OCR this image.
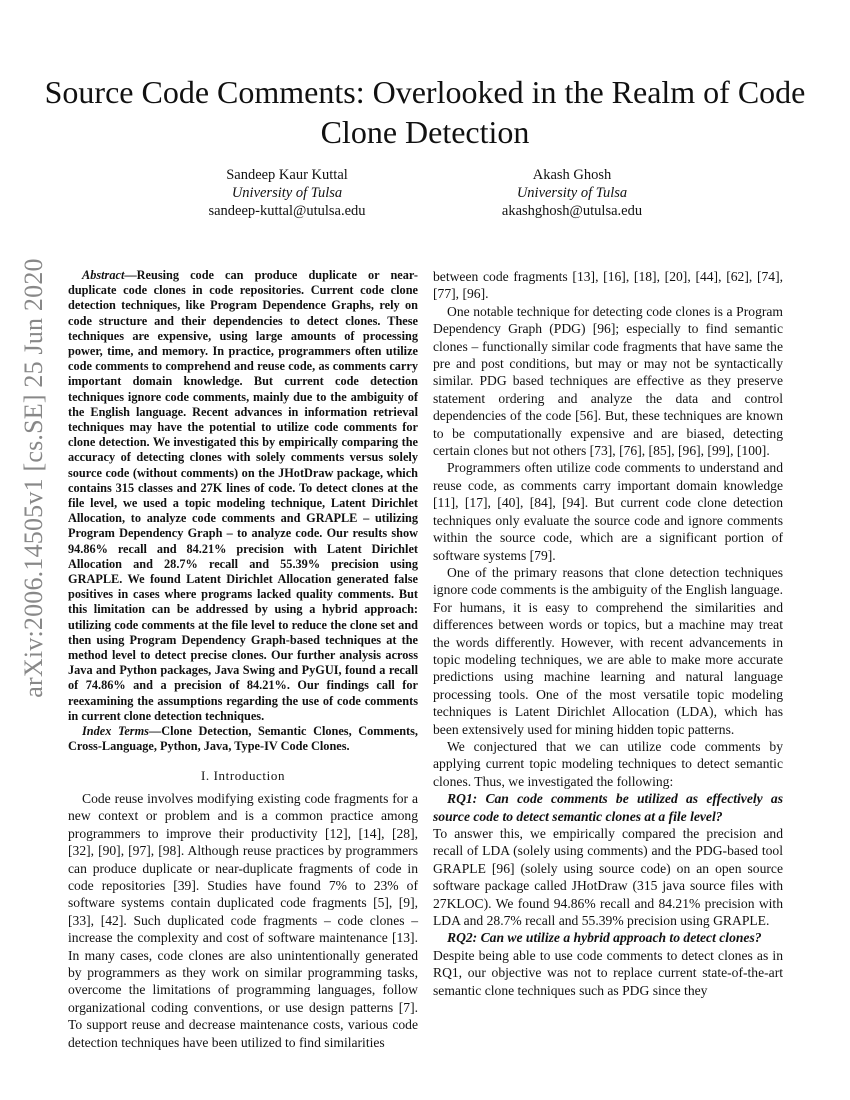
Source Code Comments: Overlooked in the Realm of Code Clone Detection
Sandeep Kaur Kuttal
University of Tulsa
sandeep-kuttal@utulsa.edu
Akash Ghosh
University of Tulsa
akashghosh@utulsa.edu
arXiv:2006.14505v1 [cs.SE] 25 Jun 2020	Abstract—Reusing code can produce duplicate or near-duplicate code clones in code repositories. Current code clone detection techniques, like Program Dependence Graphs, rely on code structure and their dependencies to detect clones. These techniques are expensive, using large amounts of processing power, time, and memory. In practice, programmers often utilize code comments to comprehend and reuse code, as comments carry important domain knowledge. But current code detection techniques ignore code comments, mainly due to the ambiguity of the English language. Recent advances in information retrieval techniques may have the potential to utilize code comments for clone detection. We investigated this by empirically comparing the accuracy of detecting clones with solely comments versus solely source code (without comments) on the JHotDraw package, which contains 315 classes and 27K lines of code. To detect clones at the file level, we used a topic modeling technique, Latent Dirichlet Allocation, to analyze code comments and GRAPLE – utilizing Program Dependency Graph – to analyze code. Our results show 94.86% recall and 84.21% precision with Latent Dirichlet Allocation and 28.7% recall and 55.39% precision using GRAPLE. We found Latent Dirichlet Allocation generated false positives in cases where programs lacked quality comments. But this limitation can be addressed by using a hybrid approach: utilizing code comments at the file level to reduce the clone set and then using Program Dependency Graph-based techniques at the method level to detect precise clones. Our further analysis across Java and Python packages, Java Swing and PyGUI, found a recall of 74.86% and a precision of 84.21%. Our findings call for reexamining the assumptions regarding the use of code comments in current clone detection techniques.

Index Terms—Clone Detection, Semantic Clones, Comments, Cross-Language, Python, Java, Type-IV Code Clones.

I. Introduction

Code reuse involves modifying existing code fragments for a new context or problem and is a common practice among programmers to improve their productivity [12], [14], [28], [32], [90], [97], [98]. Although reuse practices by programmers can produce duplicate or near-duplicate fragments of code in code repositories [39]. Studies have found 7% to 23% of software systems contain duplicated code fragments [5], [9], [33], [42]. Such duplicated code fragments – code clones – increase the complexity and cost of software maintenance [13]. In many cases, code clones are also unintentionally generated by programmers as they work on similar programming tasks, overcome the limitations of programming languages, follow organizational coding conventions, or use design patterns [7]. To support reuse and decrease maintenance costs, various code detection techniques have been utilized to find similarities

between code fragments [13], [16], [18], [20], [44], [62], [74], [77], [96].

One notable technique for detecting code clones is a Program Dependency Graph (PDG) [96]; especially to find semantic clones – functionally similar code fragments that have same the pre and post conditions, but may or may not be syntactically similar. PDG based techniques are effective as they preserve statement ordering and analyze the data and control dependencies of the code [56]. But, these techniques are known to be computationally expensive and are biased, detecting certain clones but not others [73], [76], [85], [96], [99], [100].

Programmers often utilize code comments to understand and reuse code, as comments carry important domain knowledge [11], [17], [40], [84], [94]. But current code clone detection techniques only evaluate the source code and ignore comments within the source code, which are a significant portion of software systems [79].

One of the primary reasons that clone detection techniques ignore code comments is the ambiguity of the English language. For humans, it is easy to comprehend the similarities and differences between words or topics, but a machine may treat the words differently. However, with recent advancements in topic modeling techniques, we are able to make more accurate predictions using machine learning and natural language processing tools. One of the most versatile topic modeling techniques is Latent Dirichlet Allocation (LDA), which has been extensively used for mining hidden topic patterns.

We conjectured that we can utilize code comments by applying current topic modeling techniques to detect semantic clones. Thus, we investigated the following:

RQ1: Can code comments be utilized as effectively as source code to detect semantic clones at a file level?

To answer this, we empirically compared the precision and recall of LDA (solely using comments) and the PDG-based tool GRAPLE [96] (solely using source code) on an open source software package called JHotDraw (315 java source files with 27KLOC). We found 94.86% recall and 84.21% precision with LDA and 28.7% recall and 55.39% precision using GRAPLE.

RQ2: Can we utilize a hybrid approach to detect clones?

Despite being able to use code comments to detect clones as in RQ1, our objective was not to replace current state-of-the-art semantic clone techniques such as PDG since they
